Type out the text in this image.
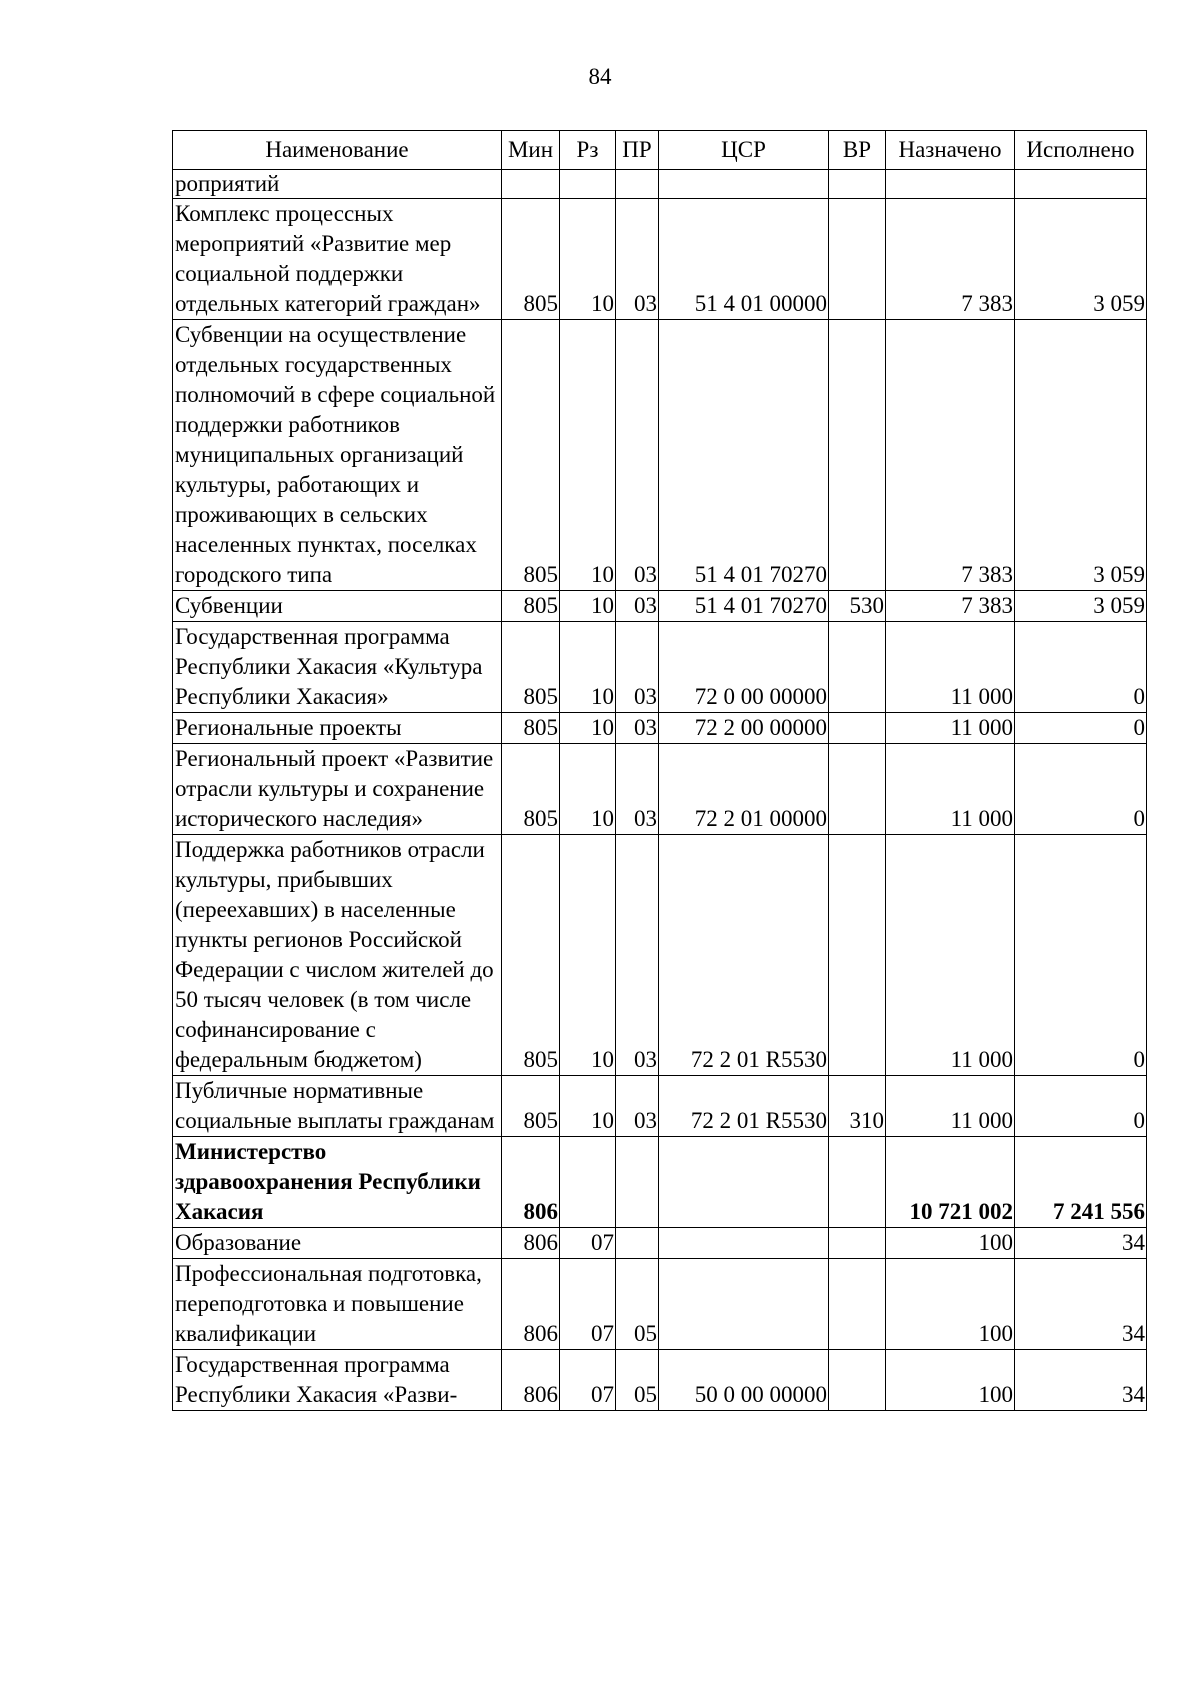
84
Наименование	Мин	Рз	ПР	ЦСР	ВР	Назначено	Исполнено
роприятий							

Комплекс процессных мероприятий «Развитие мер социальной поддержки отдельных категорий граждан»	805	10	03	51 4 01 00000		7 383	3 059
Субвенции на осуществление отдельных государственных полномочий в сфере социальной поддержки работников муниципальных организаций культуры, работающих и проживающих в сельских населенных пунктах, поселках городского типа	805	10	03	51 4 01 70270		7 383	3 059
Субвенции	805	10	03	51 4 01 70270	530	7 383	3 059
Государственная программа Республики Хакасия «Культура Республики Хакасия»	805	10	03	72 0 00 00000		11 000	0
Региональные проекты	805	10	03	72 2 00 00000		11 000	0
Региональный проект «Развитие отрасли культуры и сохранение исторического наследия»	805	10	03	72 2 01 00000		11 000	0
Поддержка работников отрасли культуры, прибывших (переехавших) в населенные пункты регионов Российской Федерации с числом жителей до 50 тысяч человек (в том числе софинансирование с федеральным бюджетом)	805	10	03	72 2 01 R5530		11 000	0
Публичные нормативные социальные выплаты гражданам	805	10	03	72 2 01 R5530	310	11 000	0
Министерство здравоохранения Республики Хакасия	806					10 721 002	7 241 556
Образование	806	07				100	34
Профессиональная подготовка, переподготовка и повышение квалификации	806	07	05			100	34
Государственная программа Республики Хакасия «Разви-	806	07	05	50 0 00 00000		100	34
